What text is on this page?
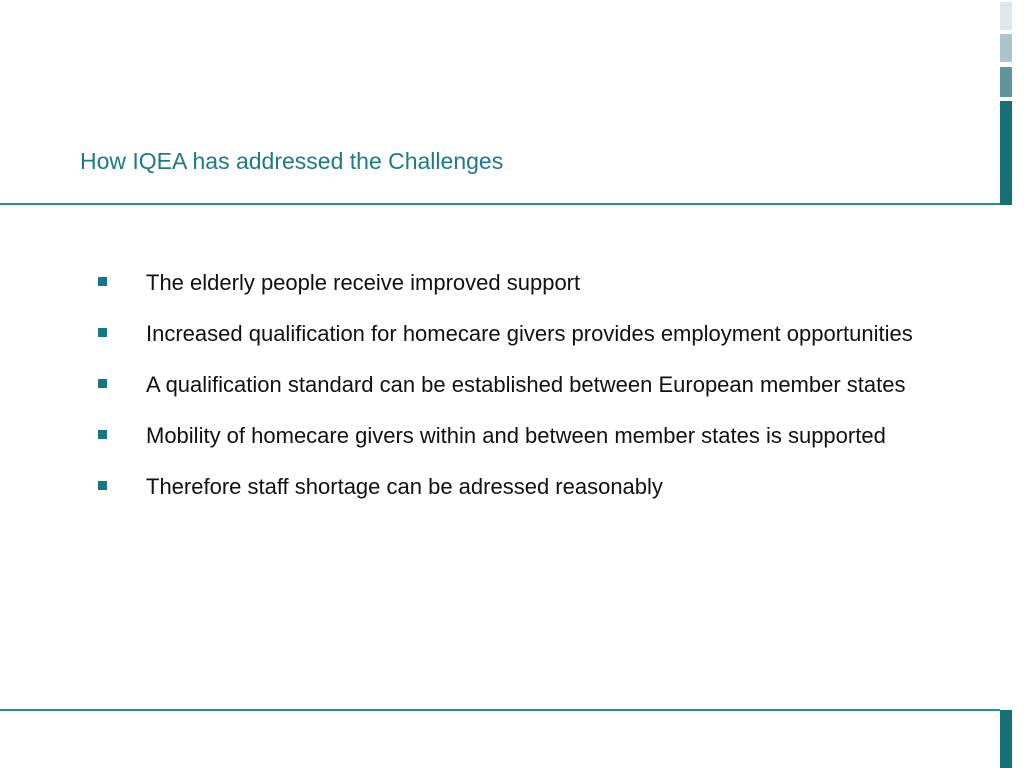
How IQEA has addressed the Challenges
The elderly people receive improved support
Increased qualification for homecare givers provides employment opportunities
A qualification standard can be established between European member states
Mobility of homecare givers within and between member states is supported
Therefore staff shortage can be adressed reasonably
